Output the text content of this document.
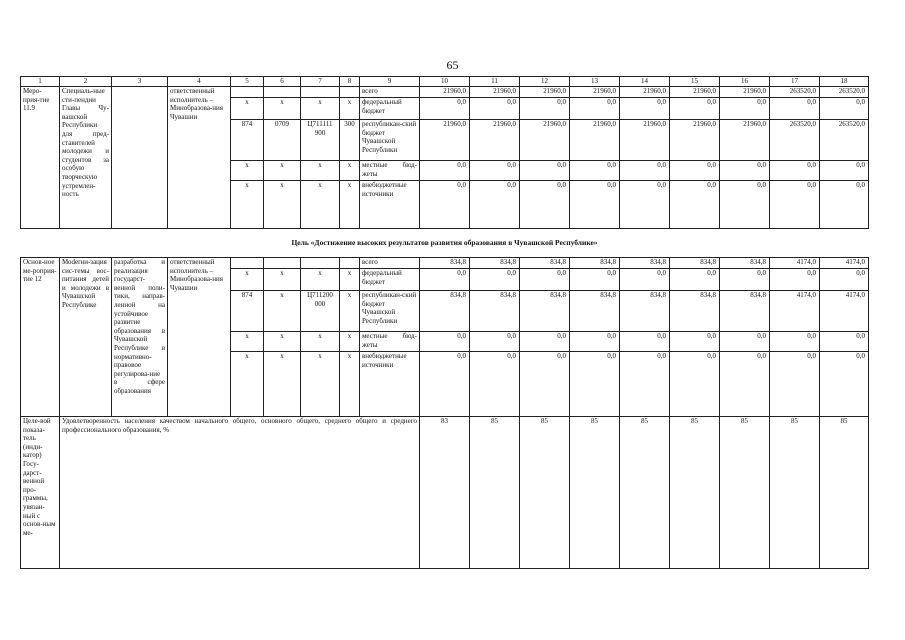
65
1	2	3	4	5	6	7	8	9	10	11	12	13	14	15	16	17	18
Меро-прия-тие 11.9	Специаль-ные сти-пендии Главы Чу-вашской Республики для пред-ставителей молодежи и студентов за особую творческую устремлен-ность		ответственный исполнитель – Минобразова-ния Чувашии					всего	21960,0	21960,0	21960,0	21960,0	21960,0	21960,0	21960,0	263520,0	263520,0
				х	х	х	х	федеральный бюджет	0,0	0,0	0,0	0,0	0,0	0,0	0,0	0,0	0,0
				874	0709	Ц711111 900	300	республикан-ский бюджет Чувашской Республики	21960,0	21960,0	21960,0	21960,0	21960,0	21960,0	21960,0	263520,0	263520,0
				х	х	х	х	местные бюд-жеты	0,0	0,0	0,0	0,0	0,0	0,0	0,0	0,0	0,0
				х	х	х	х	внебюджетные источники	0,0	0,0	0,0	0,0	0,0	0,0	0,0	0,0	0,0
Цель «Достижение высоких результатов развития образования в Чувашской Республике»																	
Основ-ное ме-роприя-тие 12	Моderни-зация сис-темы вос-питания детей и молодежи в Чувашской Республике	разработка и реализация государст-венной поли-тики, направ-ленной на устойчивое развитие образования в Чувашской Республике в нормативно-правовое регулирова-ние в сфере образования	ответственный исполнитель – Минобразова-ния Чувашии					всего	834,8	834,8	834,8	834,8	834,8	834,8	834,8	4174,0	4174,0
				х	х	х	х	федеральный бюджет	0,0	0,0	0,0	0,0	0,0	0,0	0,0	0,0	0,0
				874	х	Ц711200 000	х	республикан-ский бюджет Чувашской Республики	834,8	834,8	834,8	834,8	834,8	834,8	834,8	4174,0	4174,0
				х	х	х	х	местные бюд-жеты	0,0	0,0	0,0	0,0	0,0	0,0	0,0	0,0	0,0
				х	х	х	х	внебюджетные источники	0,0	0,0	0,0	0,0	0,0	0,0	0,0	0,0	0,0
Целе-вой показа-тель (инди-катор) Госу-дарст-венной про-граммы, увязан-ный с основ-ным ме-	Удовлетворенность населения качеством начального общего, основного общего, среднего общего и среднего профессионального образования, %								83	85	85	85	85	85	85	85	85
